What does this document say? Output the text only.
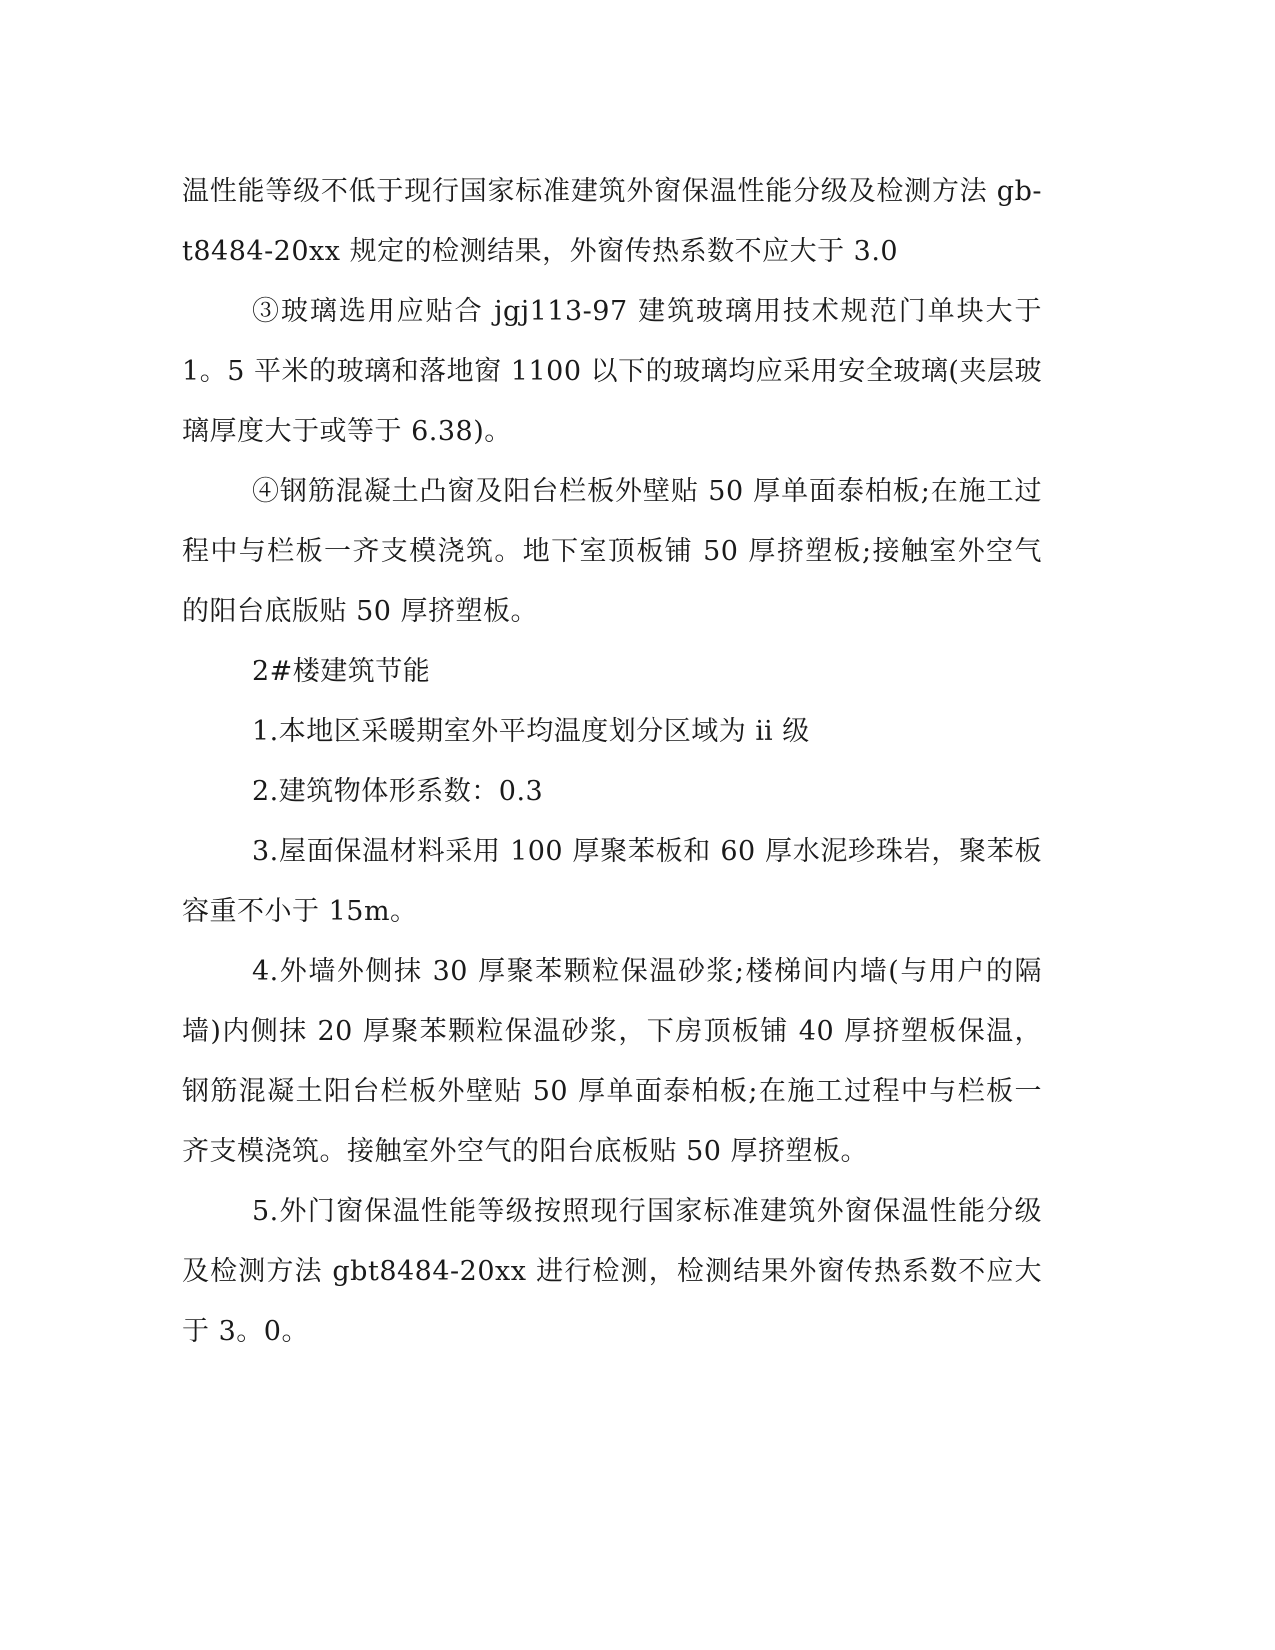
温性能等级不低于现行国家标准建筑外窗保温性能分级及检测方法 gb-t8484-20xx 规定的检测结果，外窗传热系数不应大于 3.0

③玻璃选用应贴合 jgj113-97 建筑玻璃用技术规范门单块大于 1。5 平米的玻璃和落地窗 1100 以下的玻璃均应采用安全玻璃(夹层玻璃厚度大于或等于 6.38)。

④钢筋混凝土凸窗及阳台栏板外壁贴 50 厚单面泰柏板;在施工过程中与栏板一齐支模浇筑。地下室顶板铺 50 厚挤塑板;接触室外空气的阳台底版贴 50 厚挤塑板。

2#楼建筑节能

1.本地区采暖期室外平均温度划分区域为 ⅱ 级

2.建筑物体形系数：0.3

3.屋面保温材料采用 100 厚聚苯板和 60 厚水泥珍珠岩，聚苯板容重不小于 15m。

4.外墙外侧抹 30 厚聚苯颗粒保温砂浆;楼梯间内墙(与用户的隔墙)内侧抹 20 厚聚苯颗粒保温砂浆，下房顶板铺 40 厚挤塑板保温，钢筋混凝土阳台栏板外壁贴 50 厚单面泰柏板;在施工过程中与栏板一齐支模浇筑。接触室外空气的阳台底板贴 50 厚挤塑板。

5.外门窗保温性能等级按照现行国家标准建筑外窗保温性能分级及检测方法 gbt8484-20xx 进行检测，检测结果外窗传热系数不应大于 3。0。
